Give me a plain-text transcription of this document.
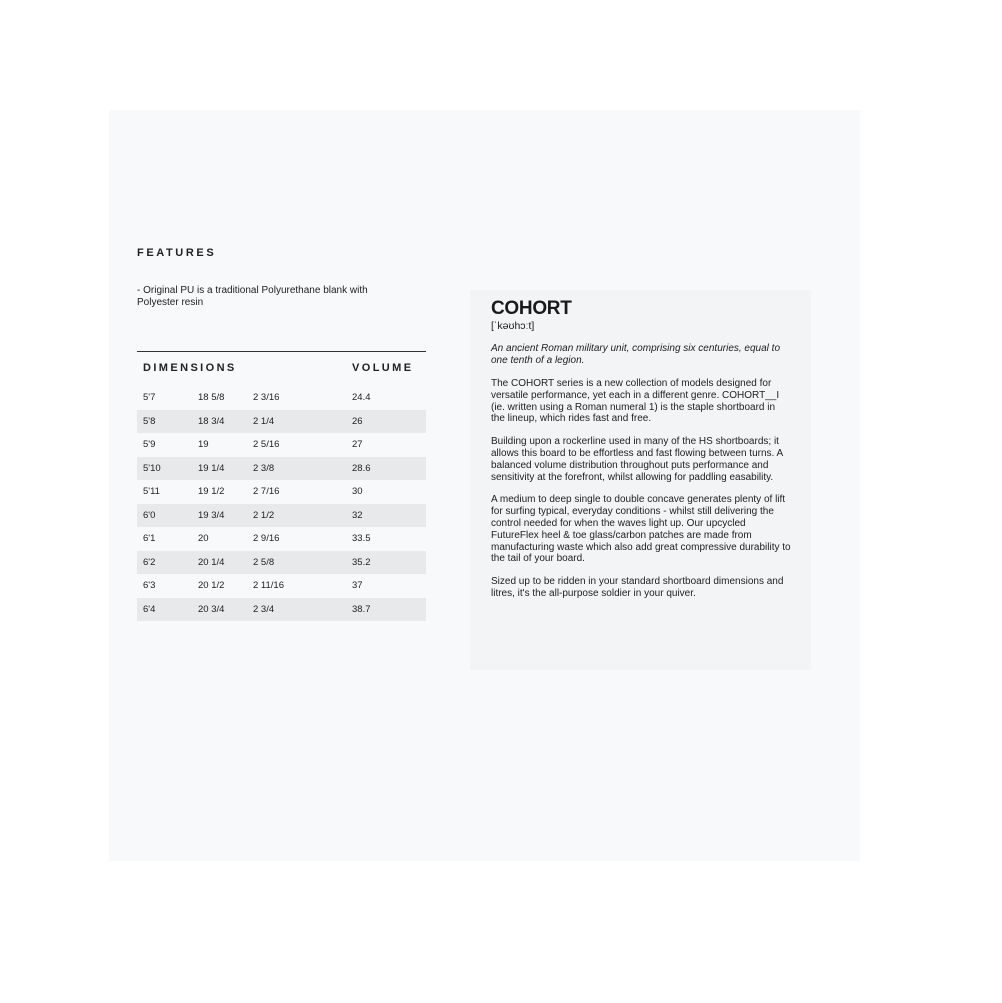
FEATURES
- Original PU is a traditional Polyurethane blank with Polyester resin
DIMENSIONS	VOLUME
5'7	18 5/8	2 3/16	24.4
5'8	18 3/4	2 1/4	26
5'9	19	2 5/16	27
5'10	19 1/4	2 3/8	28.6
5'11	19 1/2	2 7/16	30
6'0	19 3/4	2 1/2	32
6'1	20	2 9/16	33.5
6'2	20 1/4	2 5/8	35.2
6'3	20 1/2	2 11/16	37
6'4	20 3/4	2 3/4	38.7
COHORT
[ˈkəʊhɔːt]
An ancient Roman military unit, comprising six centuries, equal to one tenth of a legion.
The COHORT series is a new collection of models designed for versatile performance, yet each in a different genre. COHORT__I (ie. written using a Roman numeral 1) is the staple shortboard in the lineup, which rides fast and free.
Building upon a rockerline used in many of the HS shortboards; it allows this board to be effortless and fast flowing between turns. A balanced volume distribution throughout puts performance and sensitivity at the forefront, whilst allowing for paddling easability.
A medium to deep single to double concave generates plenty of lift for surfing typical, everyday conditions - whilst still delivering the control needed for when the waves light up. Our upcycled FutureFlex heel & toe glass/carbon patches are made from manufacturing waste which also add great compressive durability to the tail of your board.
Sized up to be ridden in your standard shortboard dimensions and litres, it's the all-purpose soldier in your quiver.
